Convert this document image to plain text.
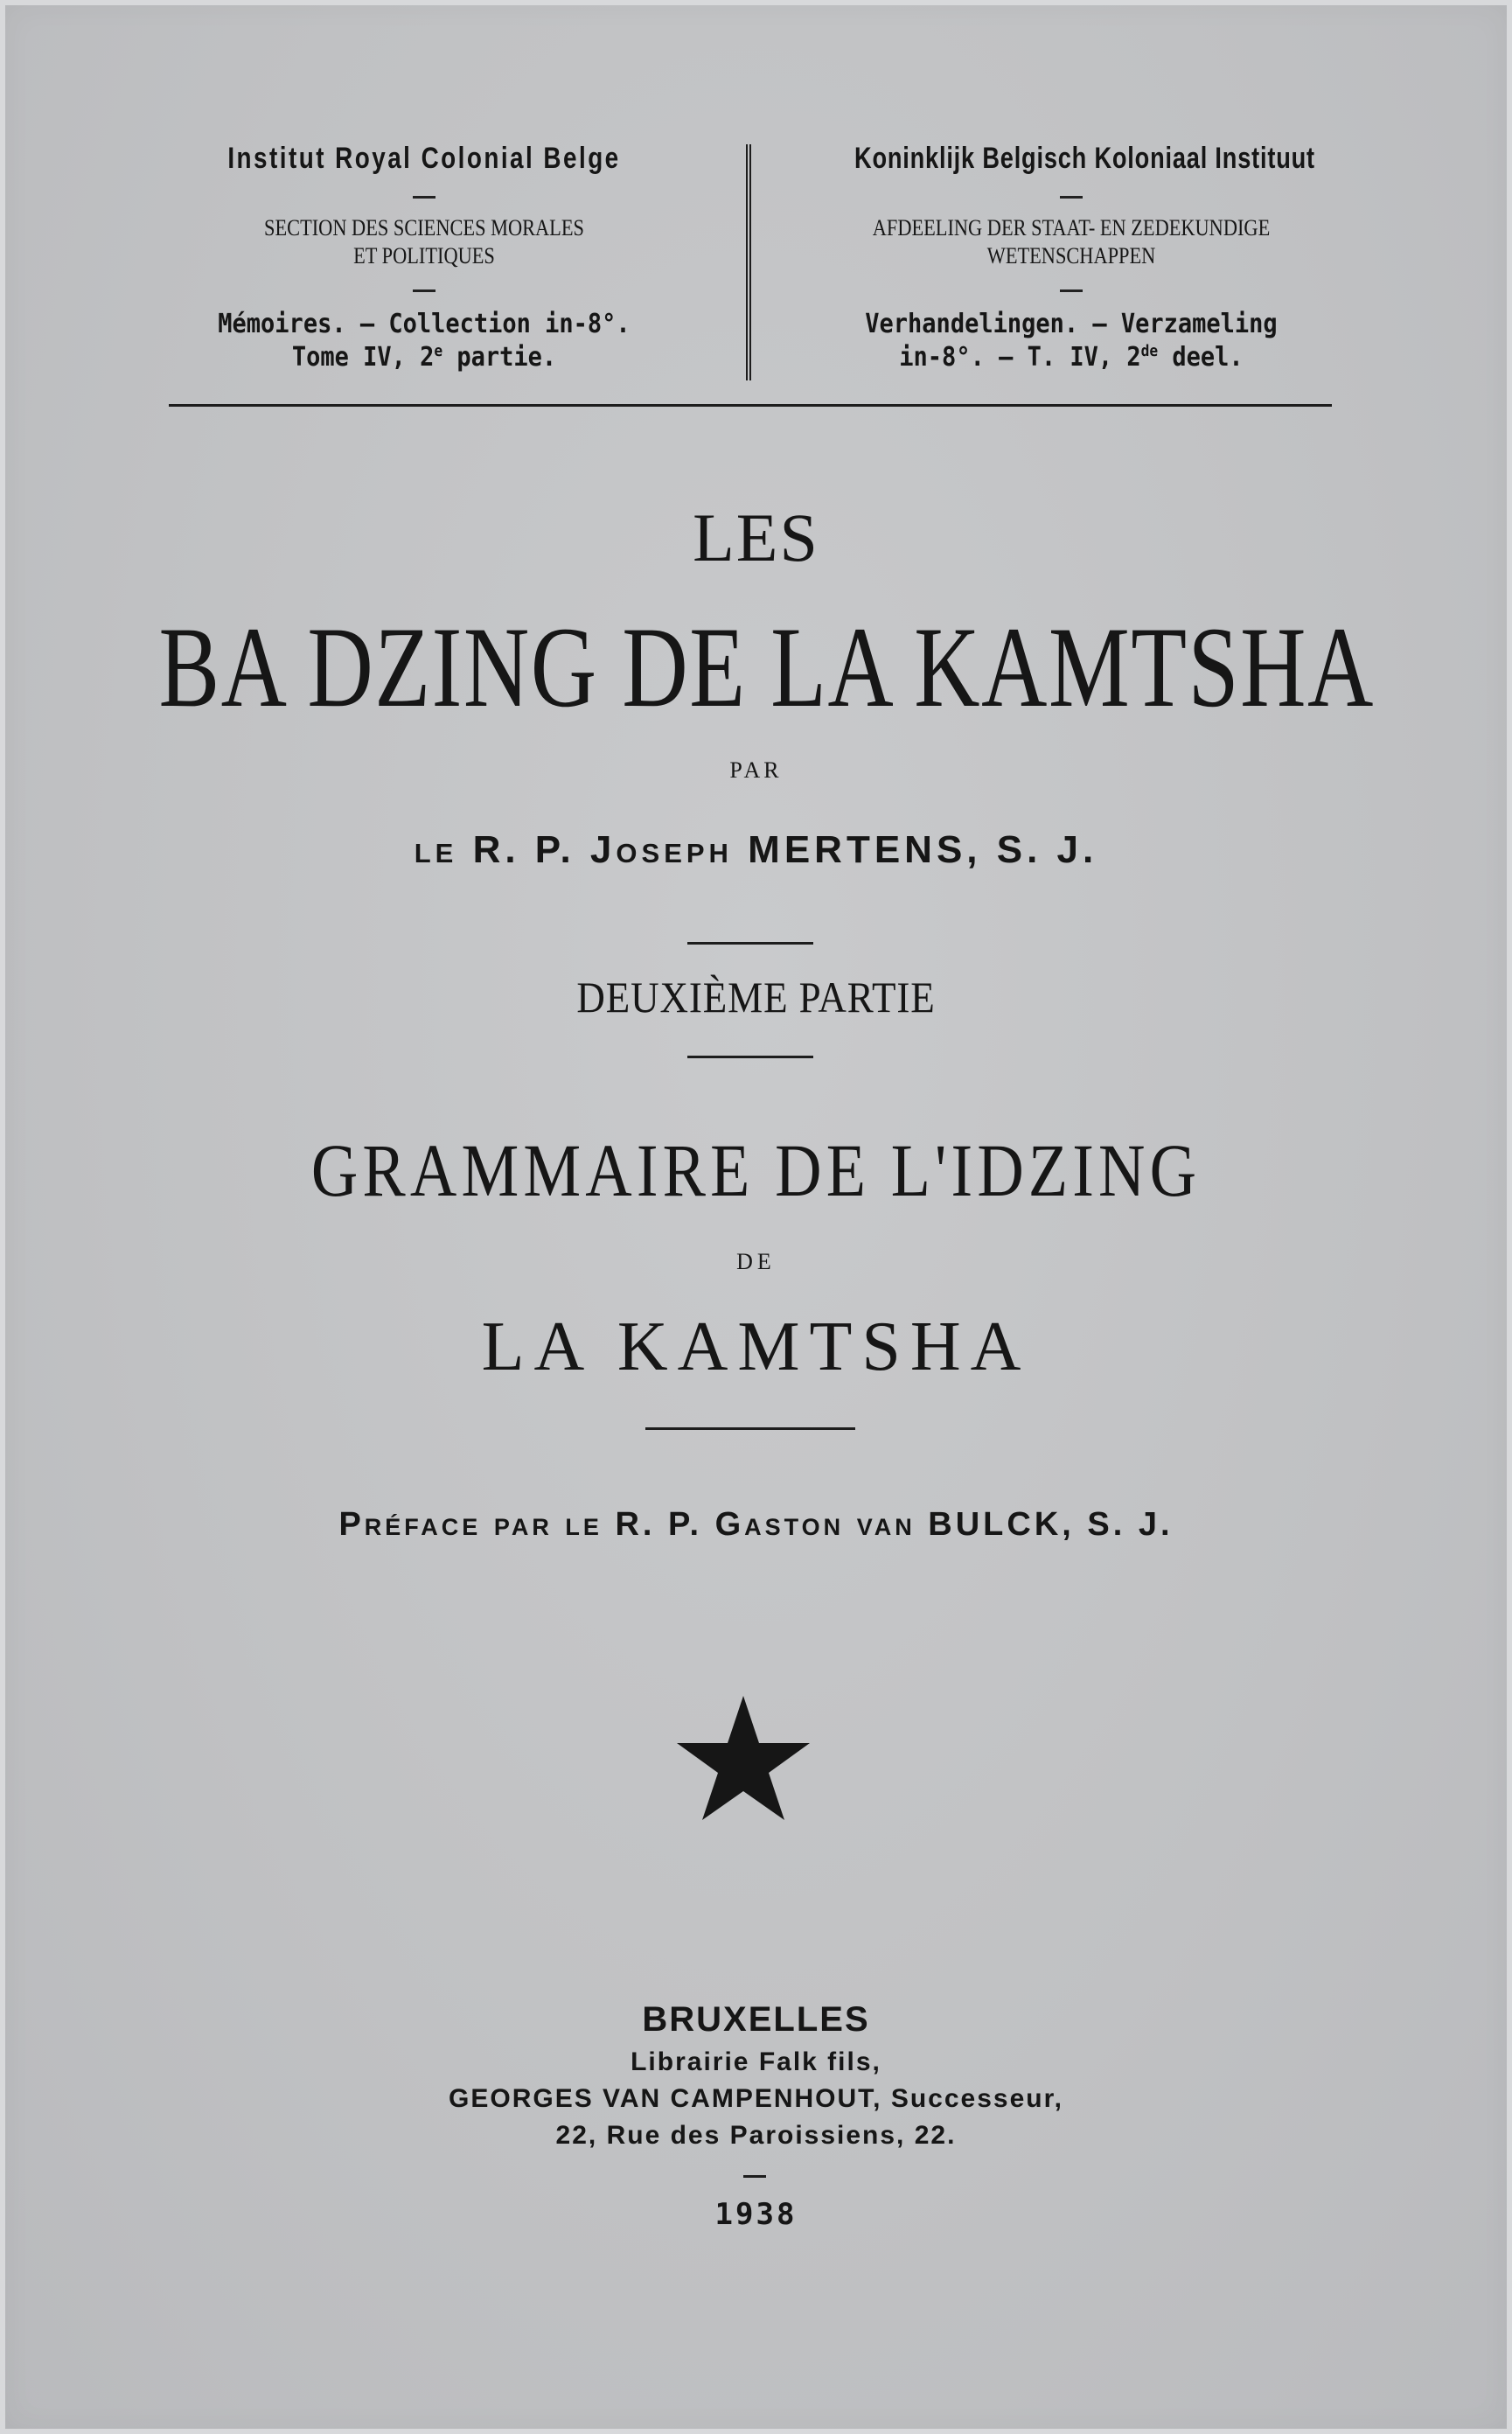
Institut Royal Colonial Belge
SECTION DES SCIENCES MORALES
ET POLITIQUES
Mémoires. — Collection in-8°.
Tome IV, 2e partie.
Koninklijk Belgisch Koloniaal Instituut
AFDEELING DER STAAT- EN ZEDEKUNDIGE
WETENSCHAPPEN
Verhandelingen. — Verzameling
in-8°. — T. IV, 2de deel.
LES
BA DZING DE LA KAMTSHA
PAR
le R. P. Joseph MERTENS, S. J.
DEUXIÈME PARTIE
GRAMMAIRE DE L'IDZING
DE
LA KAMTSHA
Préface par le R. P. Gaston van BULCK, S. J.
BRUXELLES
Librairie Falk fils,
GEORGES VAN CAMPENHOUT, Successeur,
22, Rue des Paroissiens, 22.
1938
